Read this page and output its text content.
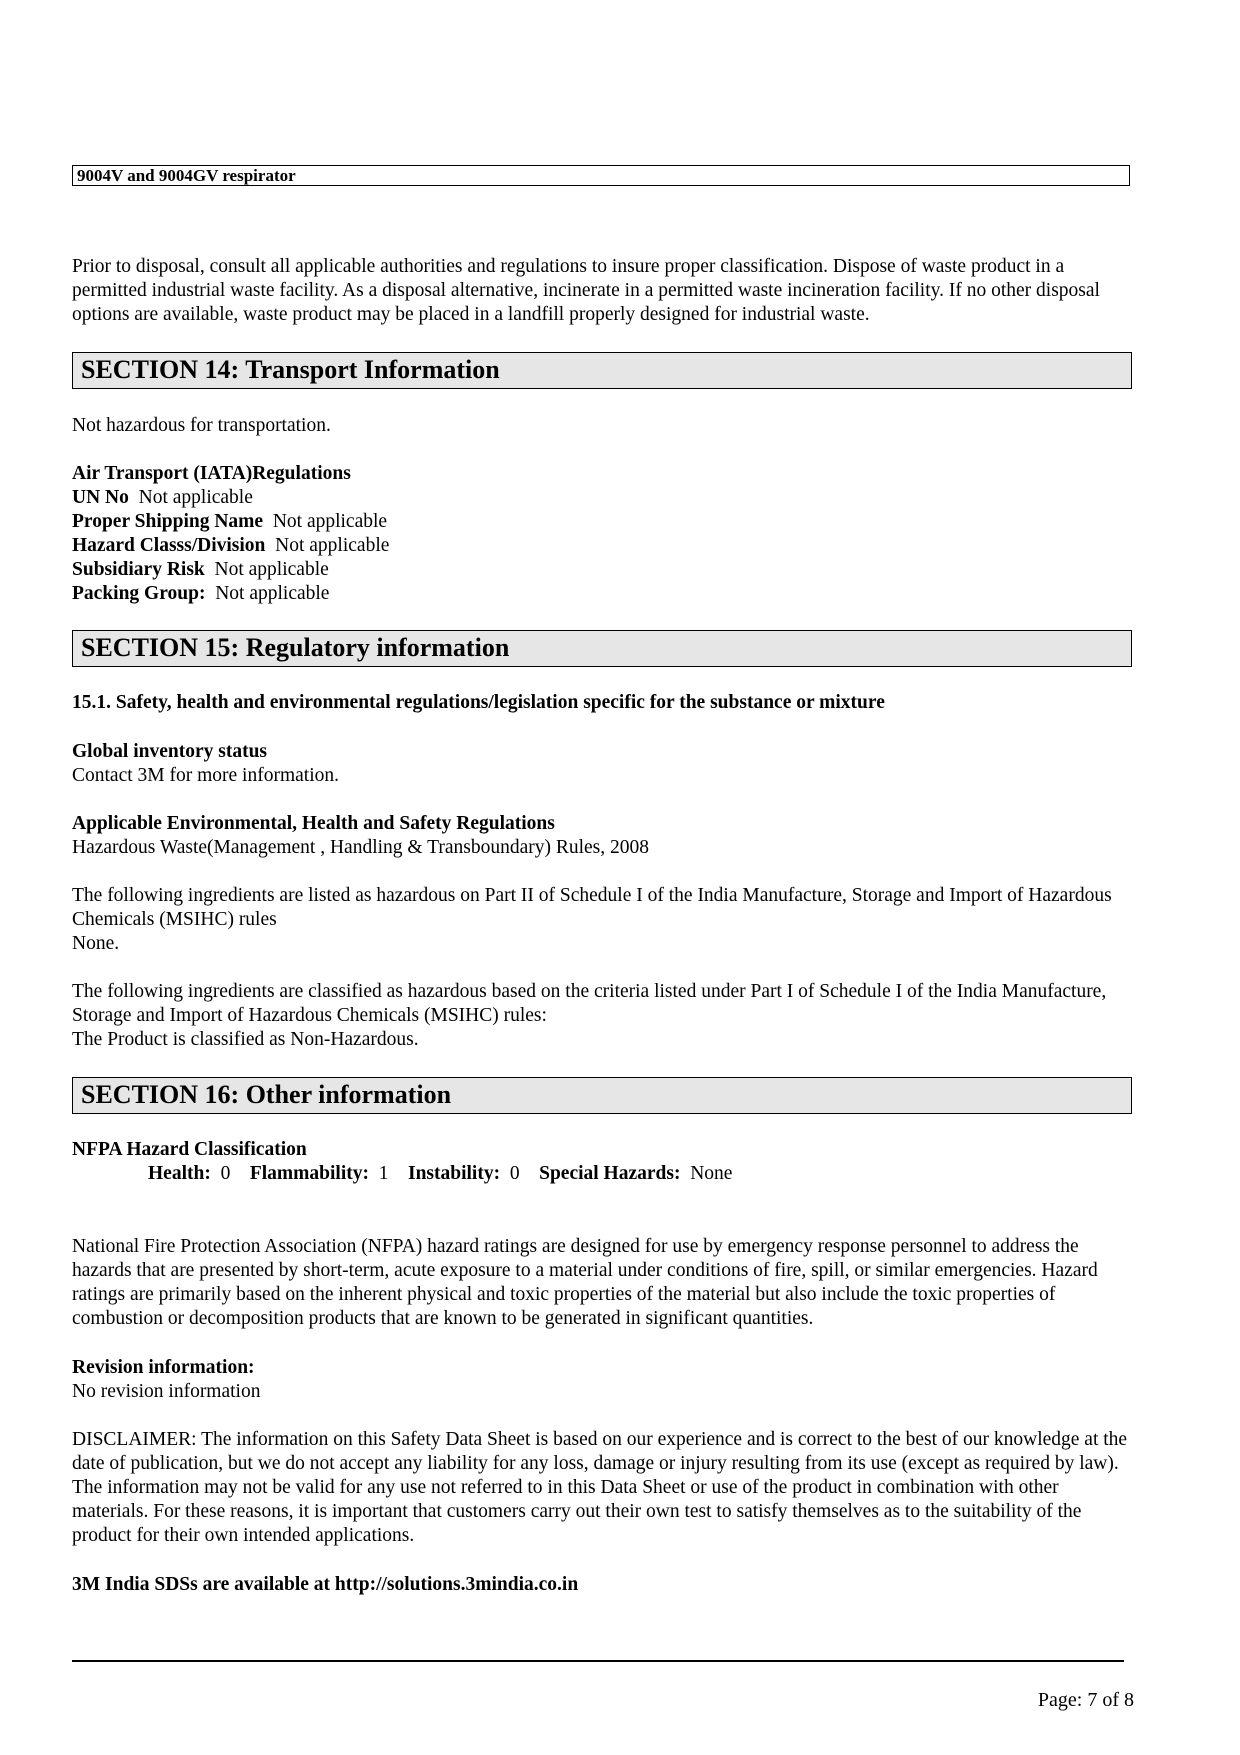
9004V and 9004GV respirator

Prior to disposal, consult all applicable authorities and regulations to insure proper classification. Dispose of waste product in a permitted industrial waste facility. As a disposal alternative, incinerate in a permitted waste incineration facility. If no other disposal options are available, waste product may be placed in a landfill properly designed for industrial waste.

SECTION 14: Transport Information
Not hazardous for transportation.
Air Transport (IATA)Regulations
UN No Not applicable
Proper Shipping Name Not applicable
Hazard Classs/Division Not applicable
Subsidiary Risk Not applicable
Packing Group: Not applicable
SECTION 15: Regulatory information
15.1. Safety, health and environmental regulations/legislation specific for the substance or mixture
Global inventory status
Contact 3M for more information.
Applicable Environmental, Health and Safety Regulations
Hazardous Waste(Management , Handling & Transboundary) Rules, 2008

The following ingredients are listed as hazardous on Part II of Schedule I of the India Manufacture, Storage and Import of Hazardous Chemicals (MSIHC) rules

None.

The following ingredients are classified as hazardous based on the criteria listed under Part I of Schedule I of the India Manufacture, Storage and Import of Hazardous Chemicals (MSIHC) rules:

The Product is classified as Non-Hazardous.
SECTION 16: Other information
NFPA Hazard Classification
Health: 0 Flammability: 1 Instability: 0 Special Hazards: None

National Fire Protection Association (NFPA) hazard ratings are designed for use by emergency response personnel to address the hazards that are presented by short-term, acute exposure to a material under conditions of fire, spill, or similar emergencies. Hazard ratings are primarily based on the inherent physical and toxic properties of the material but also include the toxic properties of combustion or decomposition products that are known to be generated in significant quantities.

Revision information:
No revision information

DISCLAIMER: The information on this Safety Data Sheet is based on our experience and is correct to the best of our knowledge at the date of publication, but we do not accept any liability for any loss, damage or injury resulting from its use (except as required by law). The information may not be valid for any use not referred to in this Data Sheet or use of the product in combination with other materials. For these reasons, it is important that customers carry out their own test to satisfy themselves as to the suitability of the product for their own intended applications.

3M India SDSs are available at http://solutions.3mindia.co.in
Page: 7 of 8
